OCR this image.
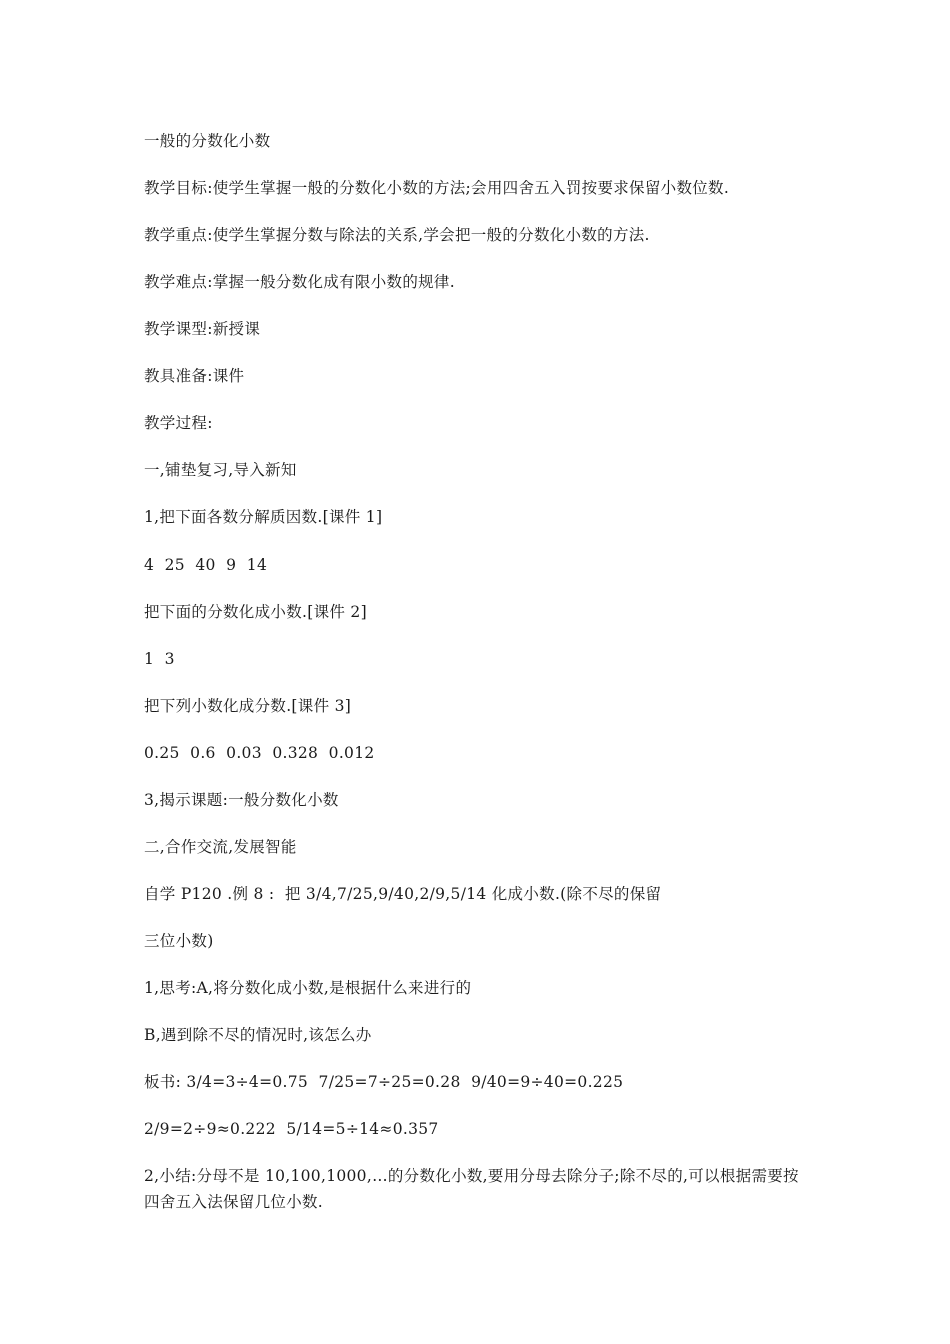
一般的分数化小数
教学目标:使学生掌握一般的分数化小数的方法;会用四舍五入罚按要求保留小数位数.
教学重点:使学生掌握分数与除法的关系,学会把一般的分数化小数的方法.
教学难点:掌握一般分数化成有限小数的规律.
教学课型:新授课
教具准备:课件
教学过程:
一,铺垫复习,导入新知
1,把下面各数分解质因数.[课件 1]
4  25  40  9  14
把下面的分数化成小数.[课件 2]
1  3
把下列小数化成分数.[课件 3]
0.25  0.6  0.03  0.328  0.012
3,揭示课题:一般分数化小数
二,合作交流,发展智能
自学 P120 .例 8 :  把 3/4,7/25,9/40,2/9,5/14 化成小数.(除不尽的保留
三位小数)
1,思考:A,将分数化成小数,是根据什么来进行的
B,遇到除不尽的情况时,该怎么办
板书: 3/4=3÷4=0.75  7/25=7÷25=0.28  9/40=9÷40=0.225
2/9=2÷9≈0.222  5/14=5÷14≈0.357
2,小结:分母不是 10,100,1000,…的分数化小数,要用分母去除分子;除不尽的,可以根据需要按四舍五入法保留几位小数.
